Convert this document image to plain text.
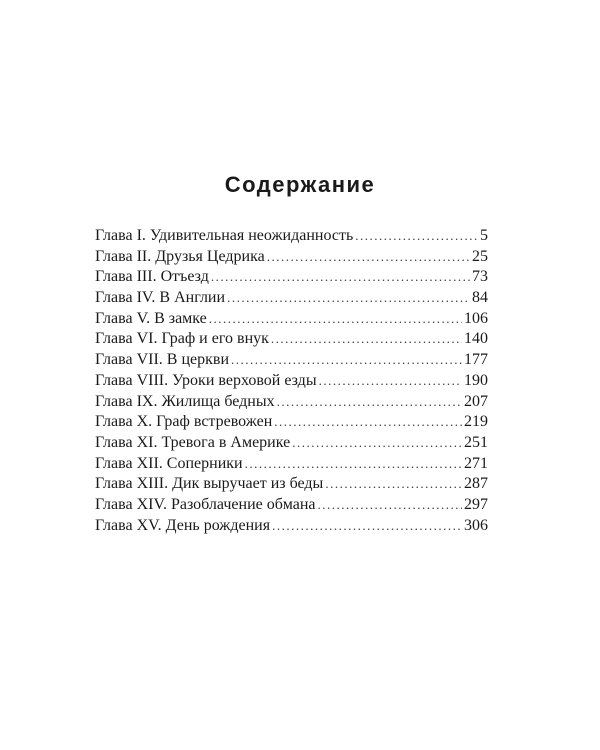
Содержание
Глава I. Удивительная неожиданность .....	5
Глава II. Друзья Цедрика .....	25
Глава III. Отъезд .....	73
Глава IV. В Англии .....	84
Глава V. В замке .....	106
Глава VI. Граф и его внук .....	140
Глава VII. В церкви .....	177
Глава VIII. Уроки верховой езды .....	190
Глава IX. Жилища бедных .....	207
Глава X. Граф встревожен .....	219
Глава XI. Тревога в Америке .....	251
Глава XII. Соперники .....	271
Глава XIII. Дик выручает из беды .....	287
Глава XIV. Разоблачение обмана .....	297
Глава XV. День рождения .....	306
